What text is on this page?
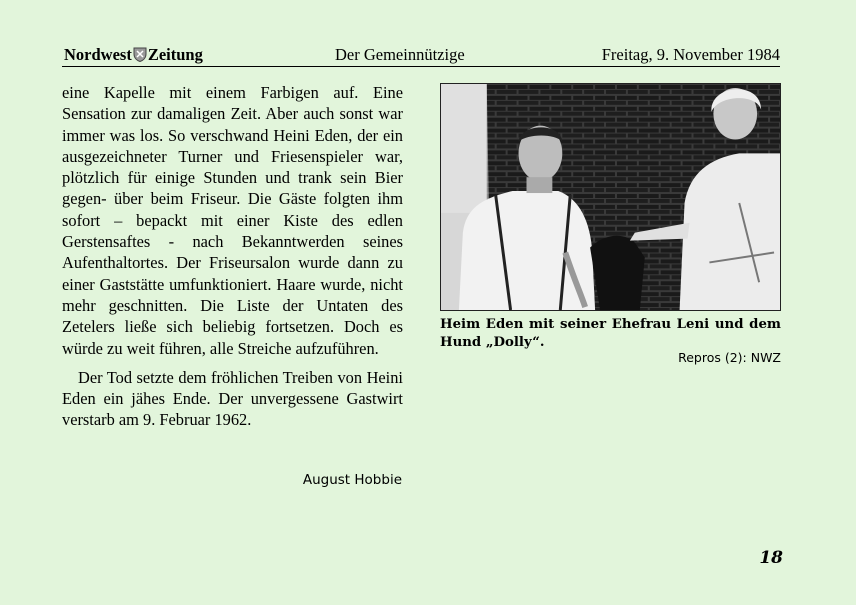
Nordwest Zeitung	Der Gemeinnützige	Freitag, 9. November 1984

eine Kapelle mit einem Farbigen auf. Eine Sensation zur damaligen Zeit. Aber auch sonst war immer was los. So verschwand Heini Eden, der ein ausgezeichneter Turner und Friesenspieler war, plötzlich für einige Stunden und trank sein Bier gegen- über beim Friseur. Die Gäste folgten ihm sofort – bepackt mit einer Kiste des edlen Gerstensaftes - nach Bekanntwerden seines Aufenthaltortes. Der Friseursalon wurde dann zu einer Gaststätte umfunktioniert. Haare wurde, nicht mehr geschnitten. Die Liste der Untaten des Zetelers ließe sich beliebig fortsetzen. Doch es würde zu weit führen, alle Streiche aufzuführen.

Der Tod setzte dem fröhlichen Treiben von Heini Eden ein jähes Ende. Der unvergessene Gastwirt verstarb am 9. Februar 1962.

August Hobbie
Heim Eden mit seiner Ehefrau Leni und dem Hund „Dolly“.
Repros (2): NWZ
18
